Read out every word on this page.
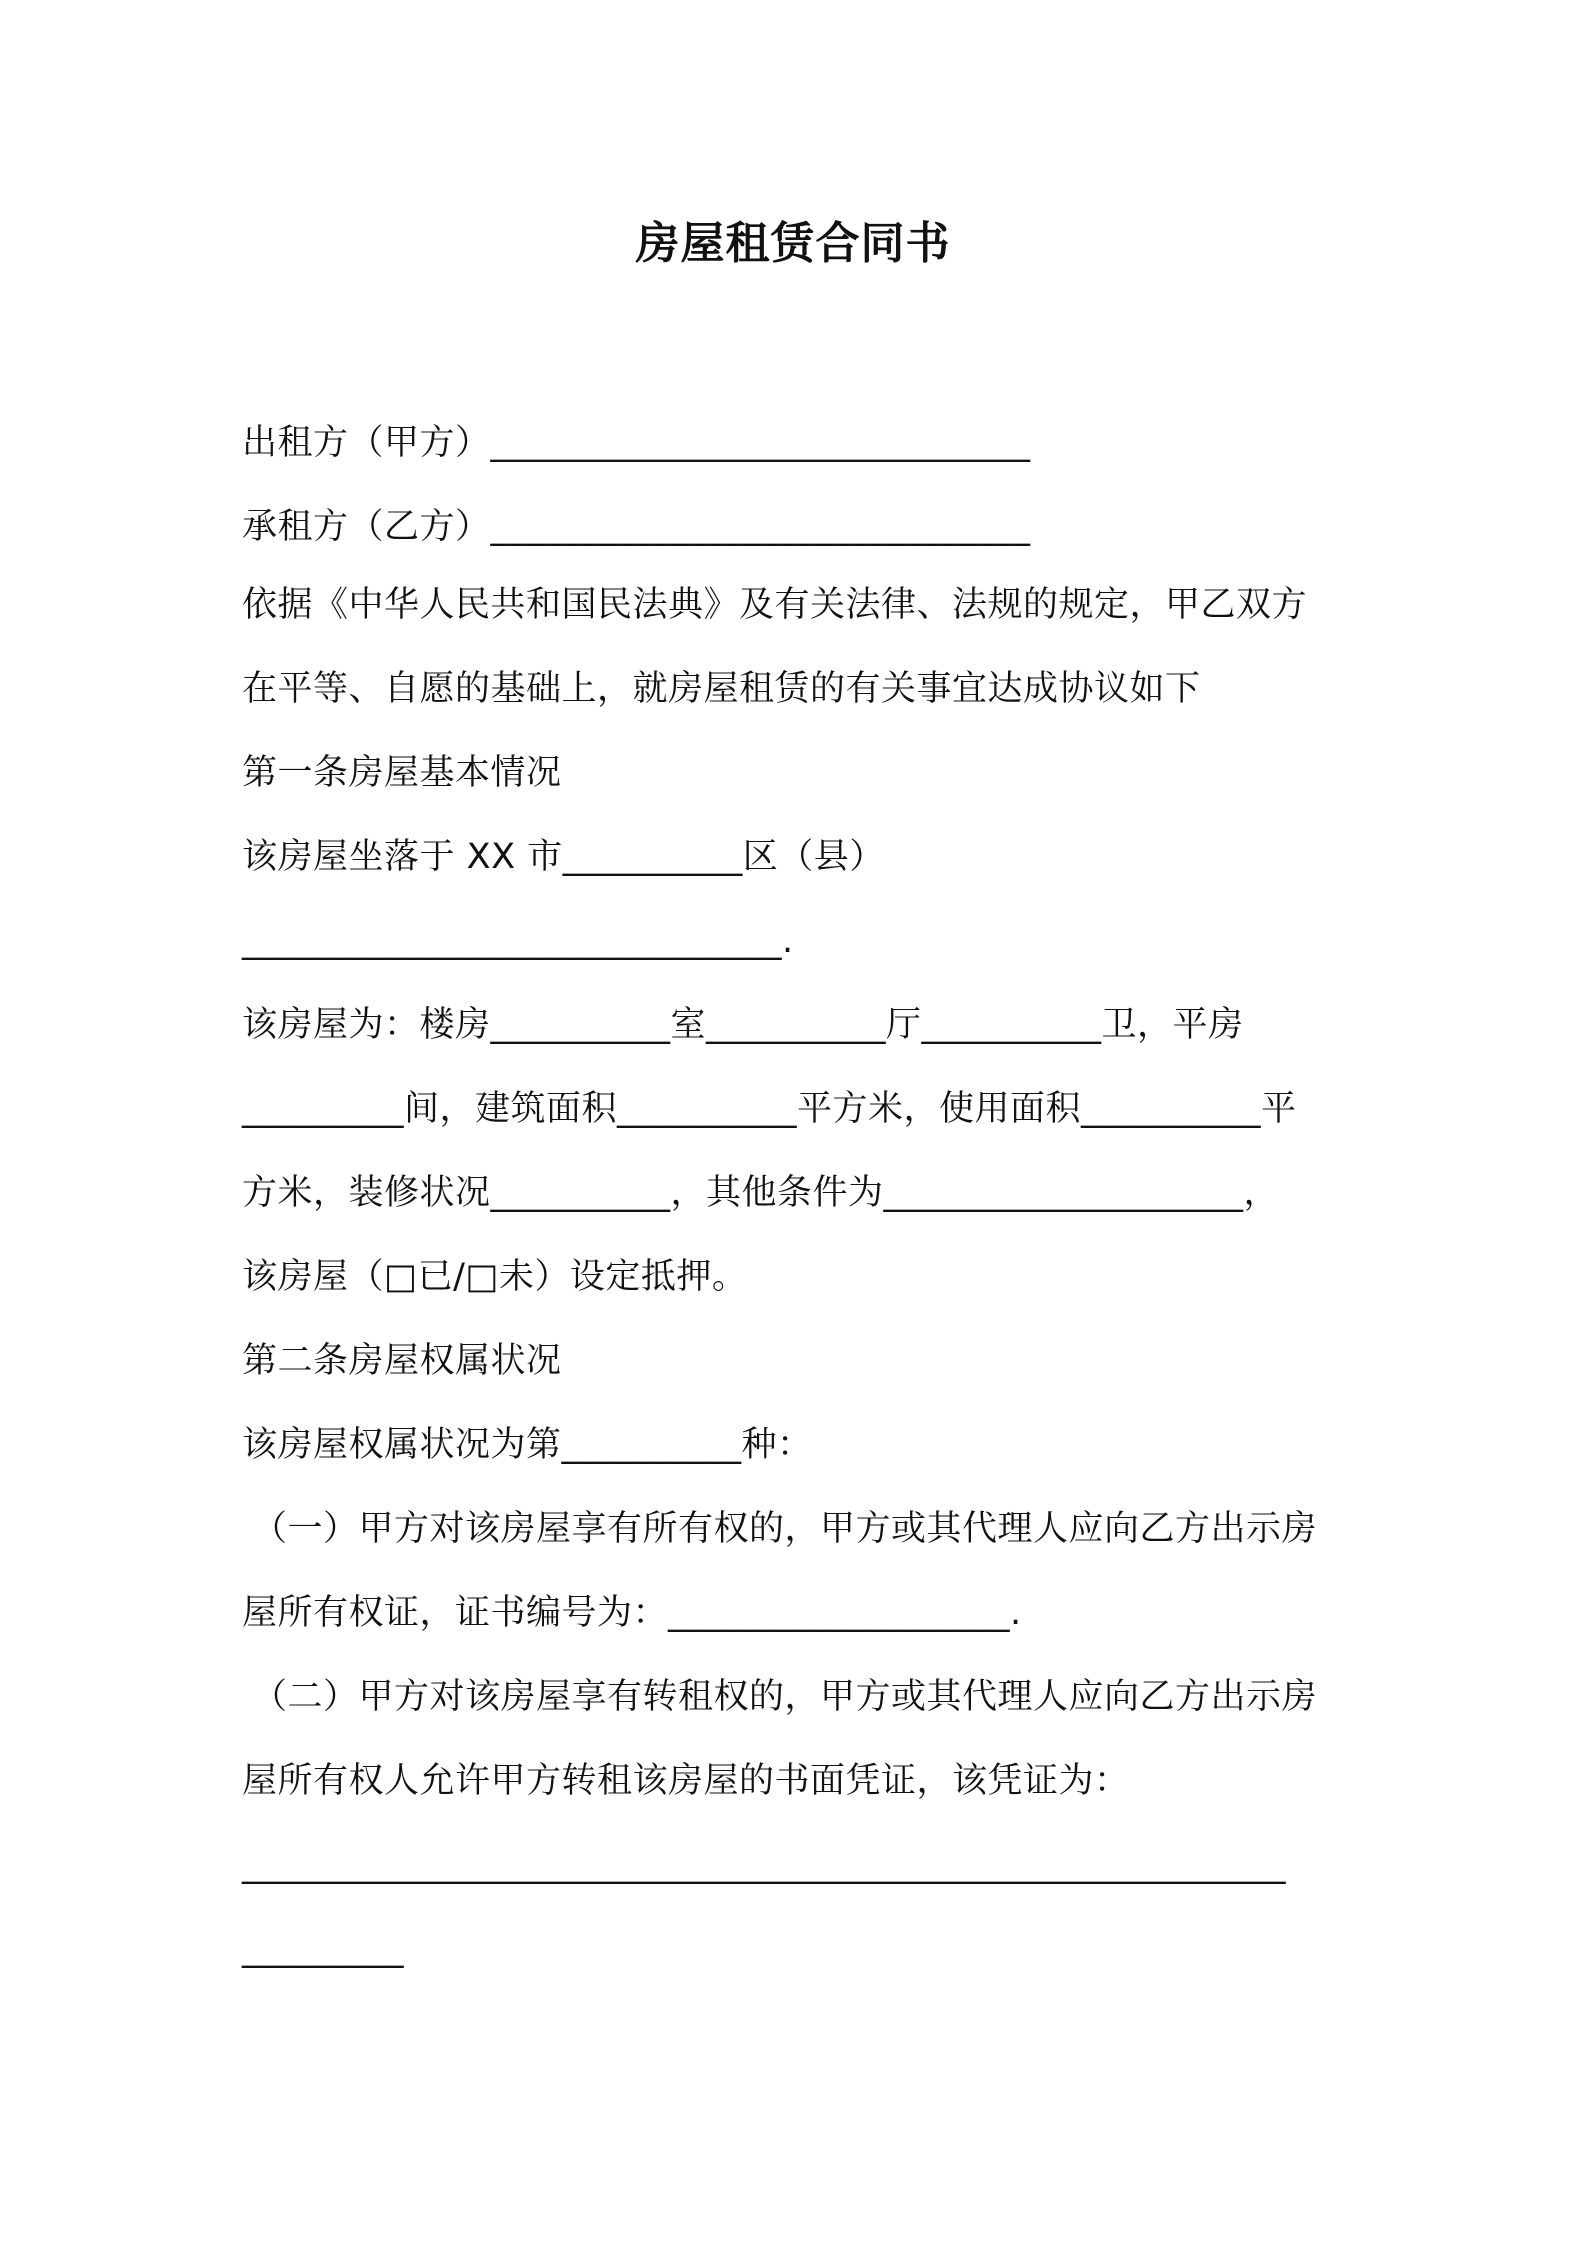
房屋租赁合同书
出租方（甲方）______________________________
承租方（乙方）______________________________
依据《中华人民共和国民法典》及有关法律、法规的规定，甲乙双方
在平等、自愿的基础上，就房屋租赁的有关事宜达成协议如下
第一条房屋基本情况
该房屋坐落于 XX 市__________区（县）
______________________________.
该房屋为：楼房__________室__________厅__________卫，平房
_________间，建筑面积__________平方米，使用面积__________平
方米，装修状况__________，其他条件为____________________，
该房屋（□已/□未）设定抵押。
第二条房屋权属状况
该房屋权属状况为第__________种：
（一）甲方对该房屋享有所有权的，甲方或其代理人应向乙方出示房
屋所有权证，证书编号为：___________________.
（二）甲方对该房屋享有转租权的，甲方或其代理人应向乙方出示房
屋所有权人允许甲方转租该房屋的书面凭证，该凭证为：
__________________________________________________________
_________
